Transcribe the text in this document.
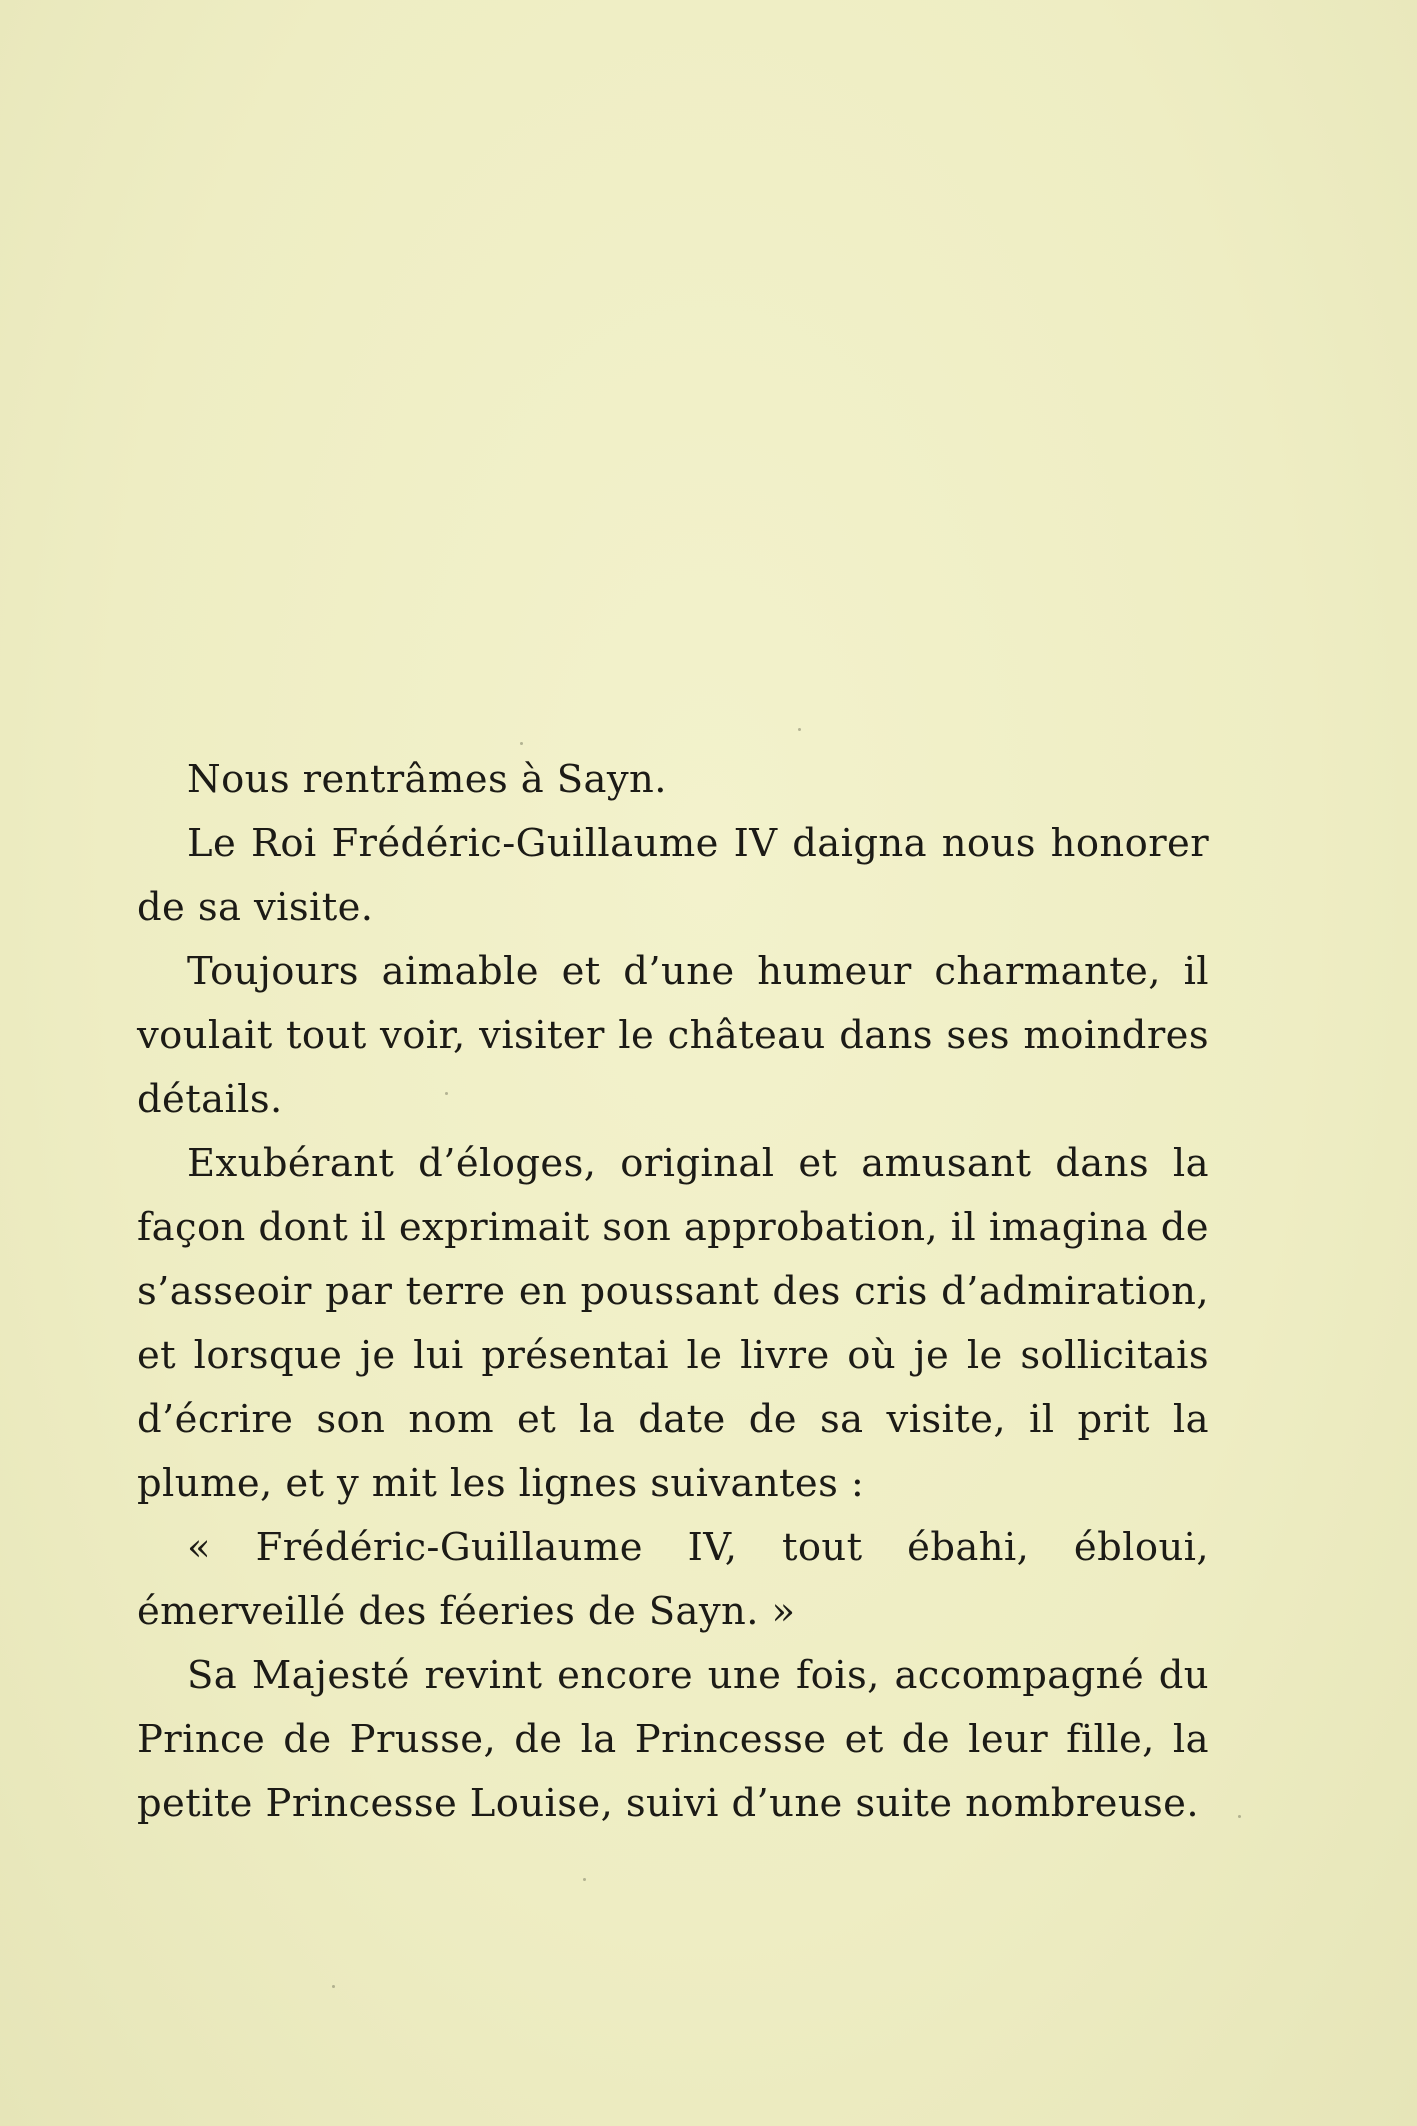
Nous rentrâmes à Sayn.

Le Roi Frédéric-Guillaume IV daigna nous honorer de sa visite.

Toujours aimable et d’une humeur charmante, il voulait tout voir, visiter le château dans ses moindres détails.

Exubérant d’éloges, original et amusant dans la façon dont il exprimait son approbation, il imagina de s’asseoir par terre en poussant des cris d’admiration, et lorsque je lui présentai le livre où je le sollicitais d’écrire son nom et la date de sa visite, il prit la plume, et y mit les lignes suivantes :

« Frédéric-Guillaume IV, tout ébahi, ébloui, émerveillé des féeries de Sayn. »

Sa Majesté revint encore une fois, accompagné du Prince de Prusse, de la Princesse et de leur fille, la petite Princesse Louise, suivi d’une suite nombreuse.
